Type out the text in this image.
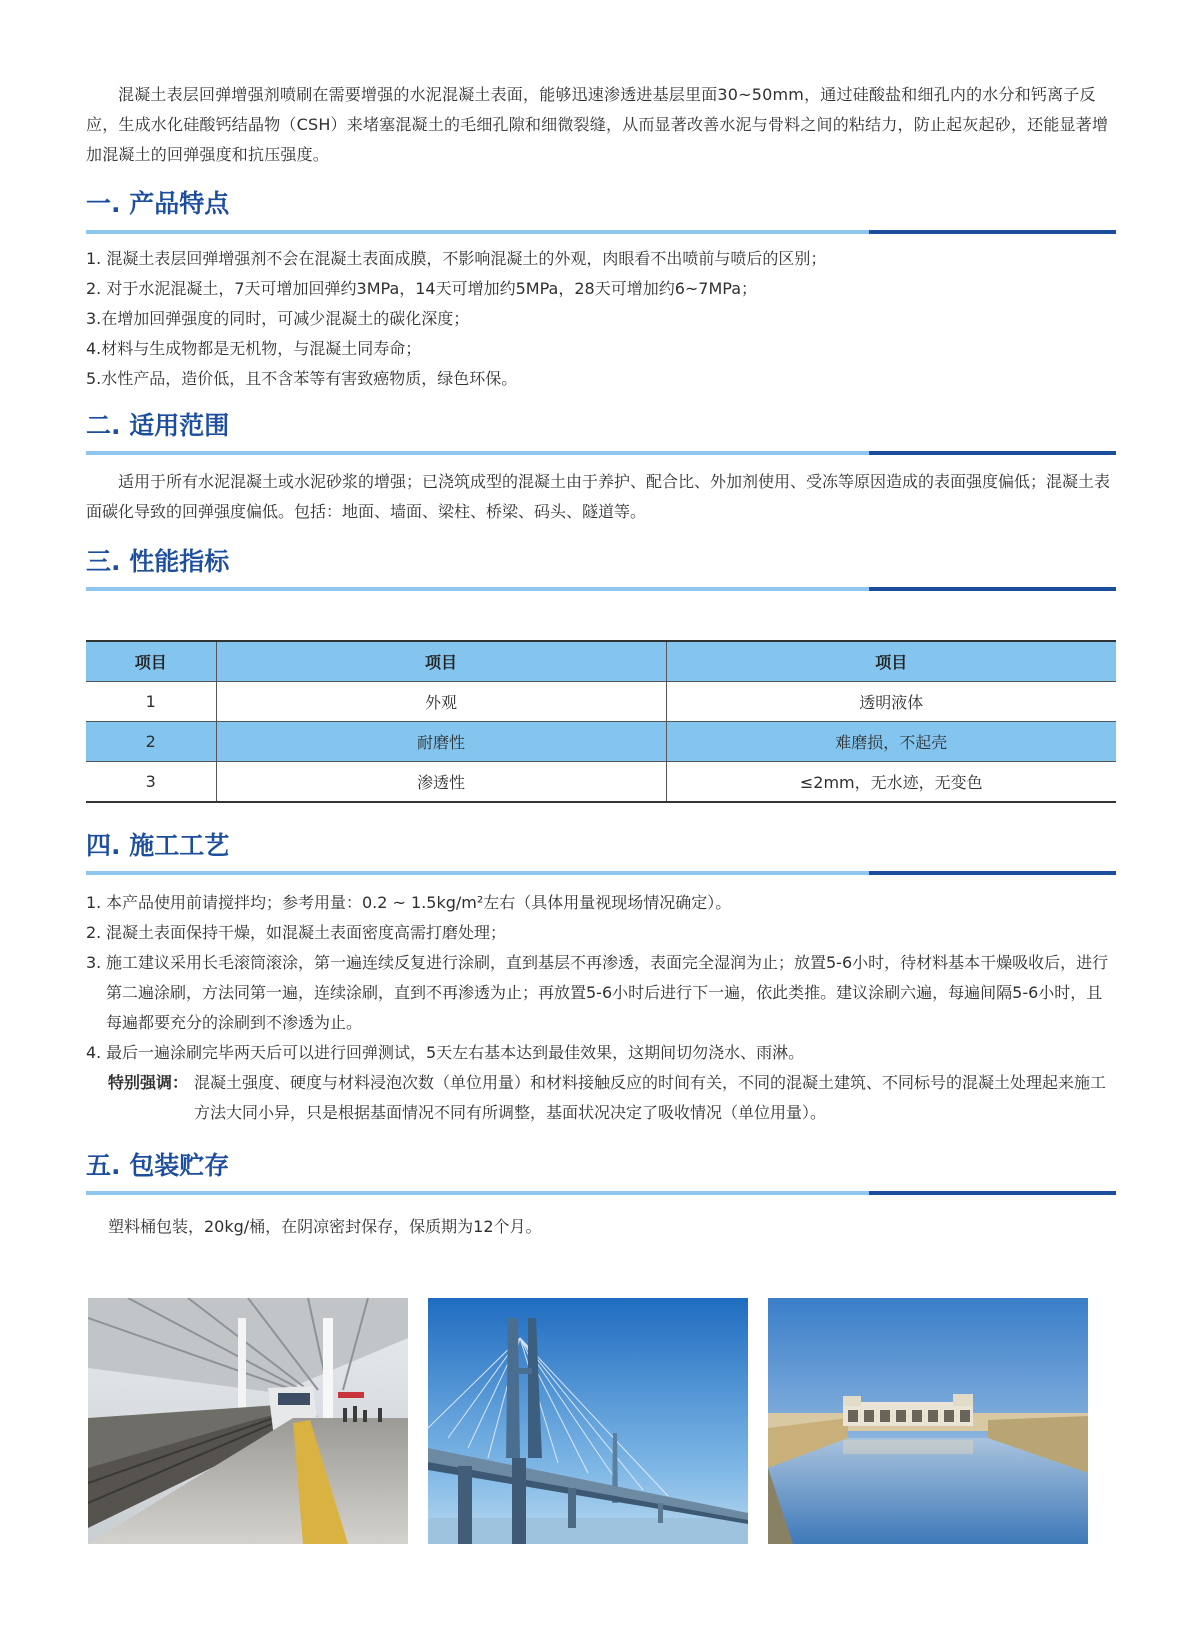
混凝土表层回弹增强剂喷刷在需要增强的水泥混凝土表面，能够迅速渗透进基层里面30~50mm，通过硅酸盐和细孔内的水分和钙离子反应，生成水化硅酸钙结晶物（CSH）来堵塞混凝土的毛细孔隙和细微裂缝，从而显著改善水泥与骨料之间的粘结力，防止起灰起砂，还能显著增加混凝土的回弹强度和抗压强度。

一. 产品特点
1. 混凝土表层回弹增强剂不会在混凝土表面成膜，不影响混凝土的外观，肉眼看不出喷前与喷后的区别；
2. 对于水泥混凝土，7天可增加回弹约3MPa，14天可增加约5MPa，28天可增加约6~7MPa；
3.在增加回弹强度的同时，可减少混凝土的碳化深度；
4.材料与生成物都是无机物，与混凝土同寿命；
5.水性产品，造价低，且不含苯等有害致癌物质，绿色环保。
二. 适用范围

适用于所有水泥混凝土或水泥砂浆的增强；已浇筑成型的混凝土由于养护、配合比、外加剂使用、受冻等原因造成的表面强度偏低；混凝土表面碳化导致的回弹强度偏低。包括：地面、墙面、梁柱、桥梁、码头、隧道等。

三. 性能指标
项目	项目	项目
1	外观	透明液体
2	耐磨性	难磨损，不起壳
3	渗透性	≤2mm，无水迹，无变色
四. 施工工艺
1. 本产品使用前请搅拌均；参考用量：0.2 ~ 1.5kg/m²左右（具体用量视现场情况确定）。
2. 混凝土表面保持干燥，如混凝土表面密度高需打磨处理；
3. 施工建议采用长毛滚筒滚涂，第一遍连续反复进行涂刷，直到基层不再渗透，表面完全湿润为止；放置5-6小时，待材料基本干燥吸收后，进行第二遍涂刷，方法同第一遍，连续涂刷，直到不再渗透为止；再放置5-6小时后进行下一遍，依此类推。建议涂刷六遍，每遍间隔5-6小时，且每遍都要充分的涂刷到不渗透为止。
4. 最后一遍涂刷完毕两天后可以进行回弹测试，5天左右基本达到最佳效果，这期间切勿浇水、雨淋。
特别强调： 混凝土强度、硬度与材料浸泡次数（单位用量）和材料接触反应的时间有关，不同的混凝土建筑、不同标号的混凝土处理起来施工方法大同小异，只是根据基面情况不同有所调整，基面状况决定了吸收情况（单位用量）。
五. 包装贮存

塑料桶包装，20kg/桶，在阴凉密封保存，保质期为12个月。
